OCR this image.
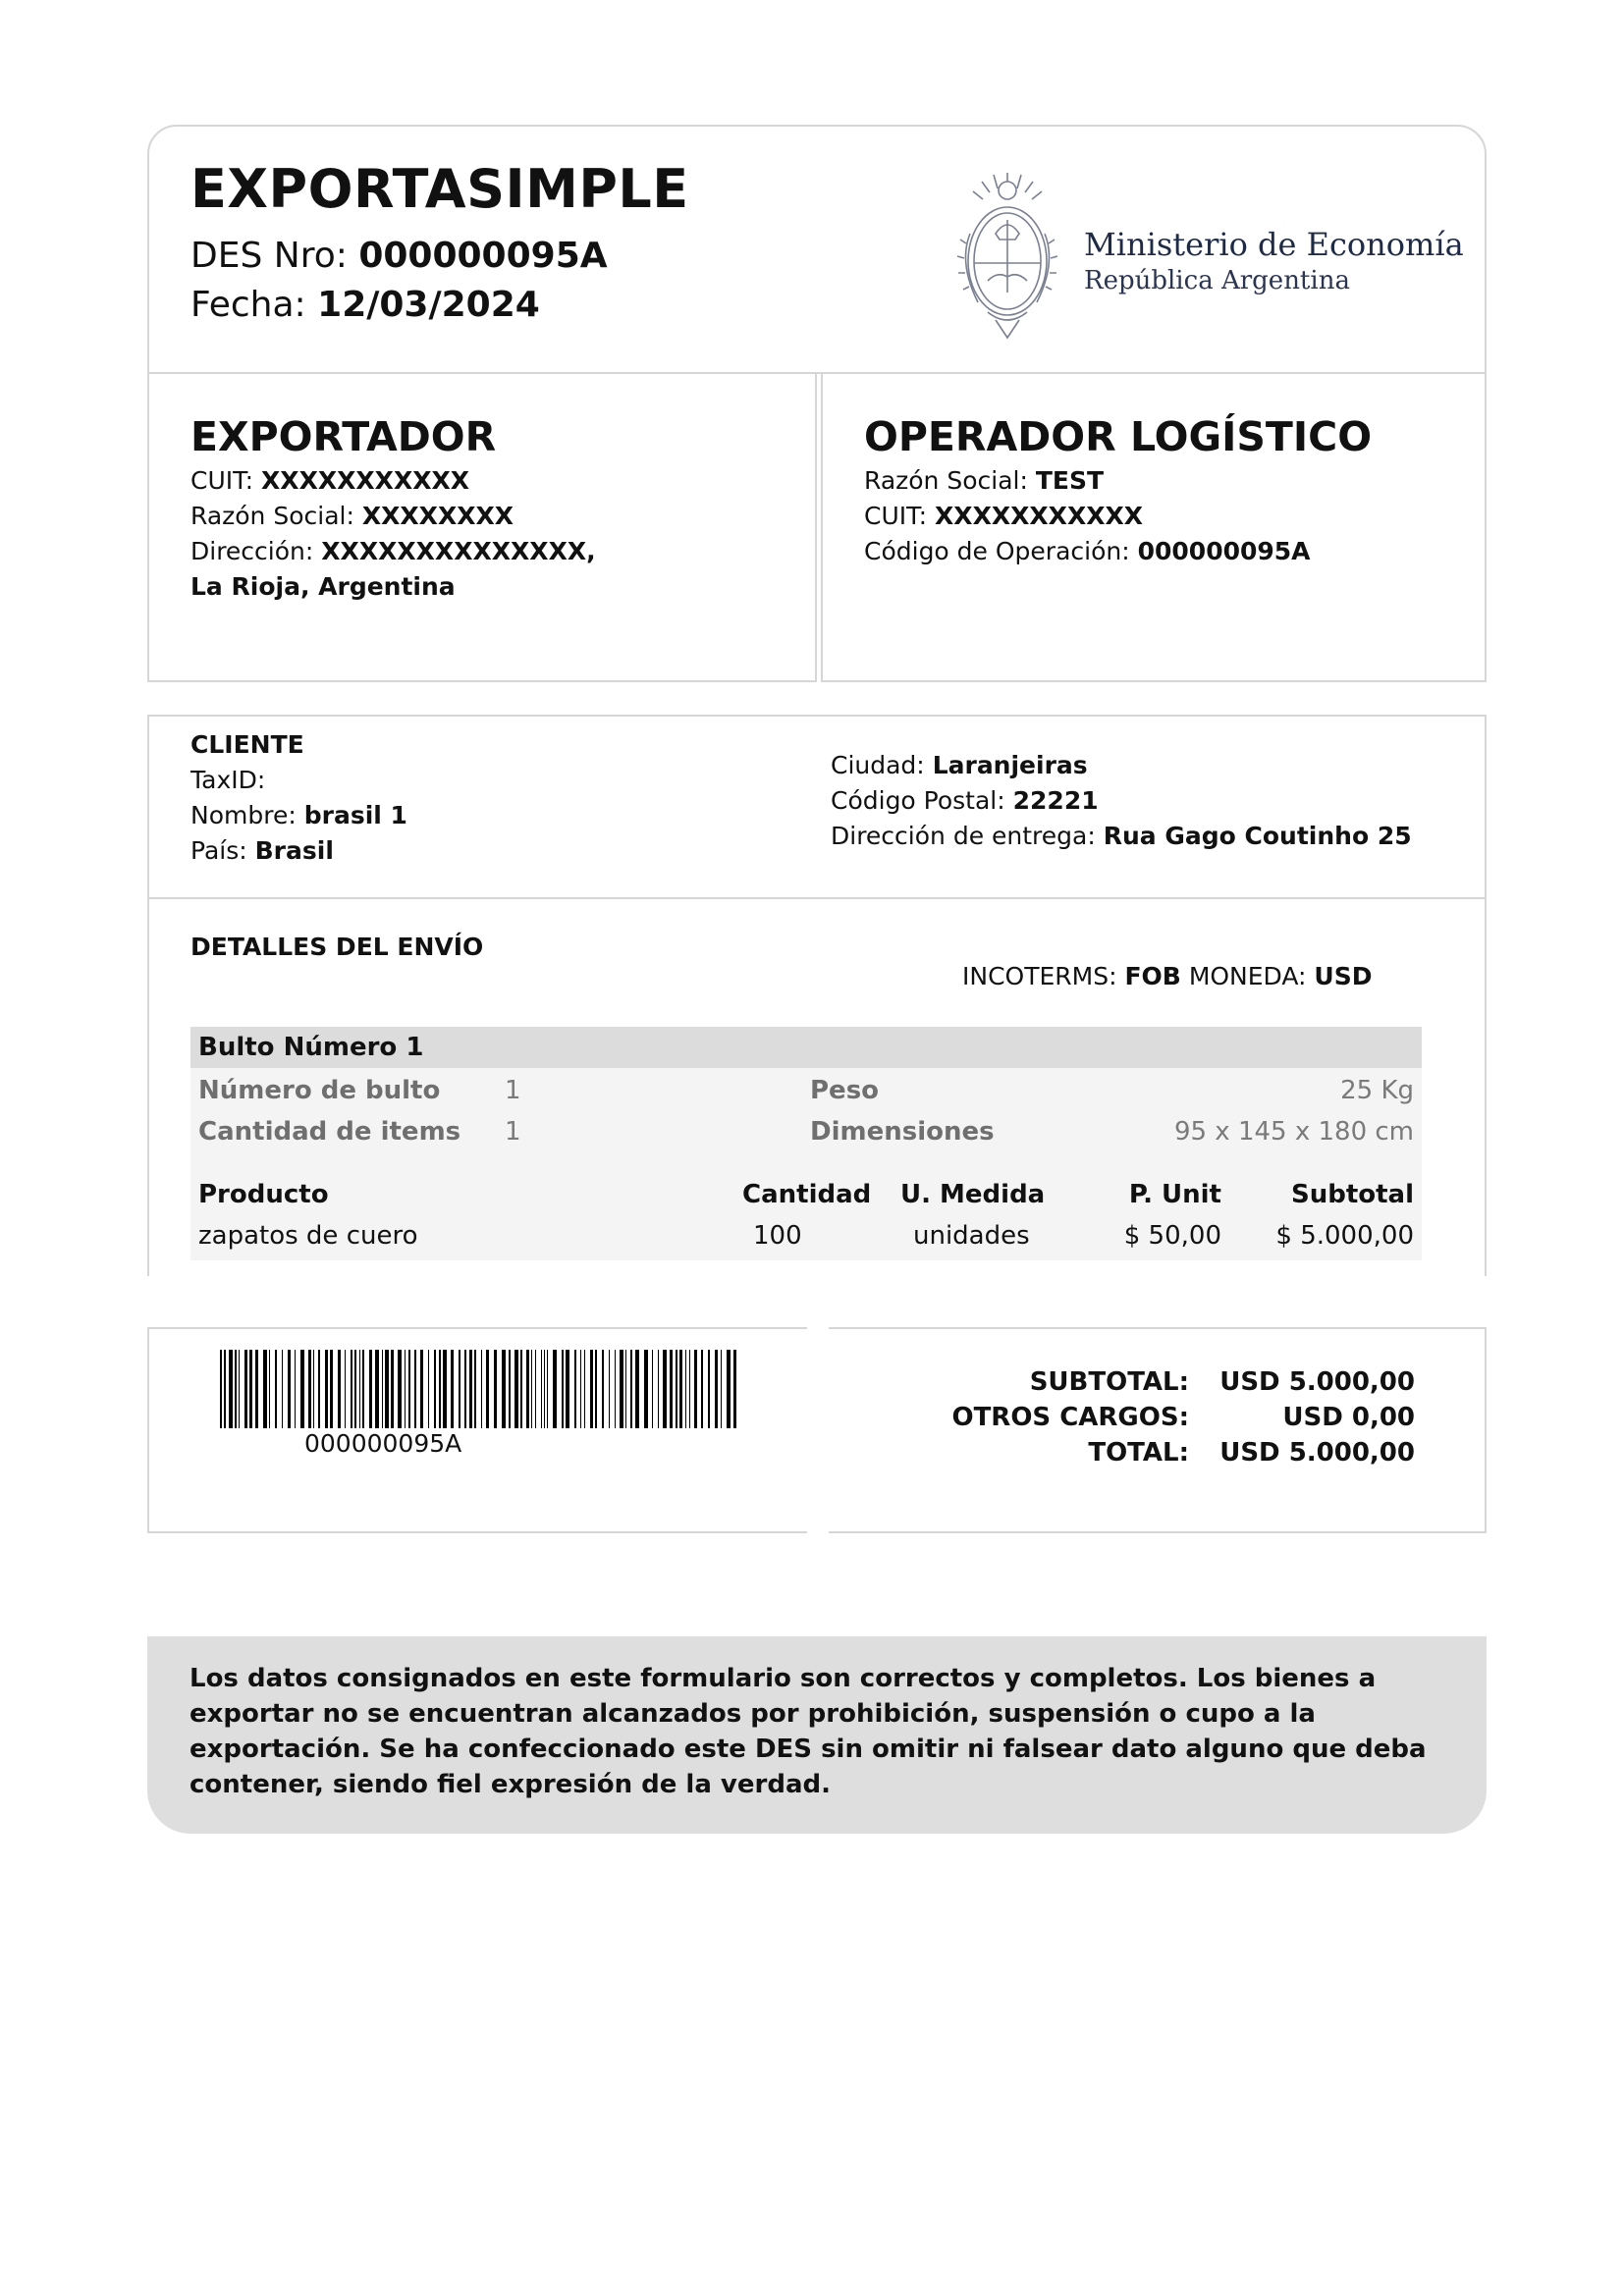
EXPORTASIMPLE
DES Nro: 000000095A
Fecha: 12/03/2024
Ministerio de Economía
República Argentina
EXPORTADOR
CUIT: XXXXXXXXXXX
Razón Social: XXXXXXXX
Dirección: XXXXXXXXXXXXXX,
La Rioja, Argentina
OPERADOR LOGÍSTICO
Razón Social: TEST
CUIT: XXXXXXXXXXX
Código de Operación: 000000095A
CLIENTE
TaxID:
Nombre: brasil 1
País: Brasil
Ciudad: Laranjeiras
Código Postal: 22221
Dirección de entrega: Rua Gago Coutinho 25
DETALLES DEL ENVÍO
INCOTERMS: FOB MONEDA: USD
Bulto Número 1
Número de bulto	1	Peso	25 Kg
Cantidad de items 1	Dimensiones	95 x 145 x 180 cm
Producto	Cantidad U. Medida	P. Unit	Subtotal
zapatos de cuero	100	unidades	$ 50,00 $ 5.000,00
000000095A
SUBTOTAL: USD 5.000,00
OTROS CARGOS:	USD 0,00
TOTAL: USD 5.000,00
Los datos consignados en este formulario son correctos y completos. Los bienes a exportar no se encuentran alcanzados por prohibición, suspensión o cupo a la exportación. Se ha confeccionado este DES sin omitir ni falsear dato alguno que deba contener, siendo fiel expresión de la verdad.
